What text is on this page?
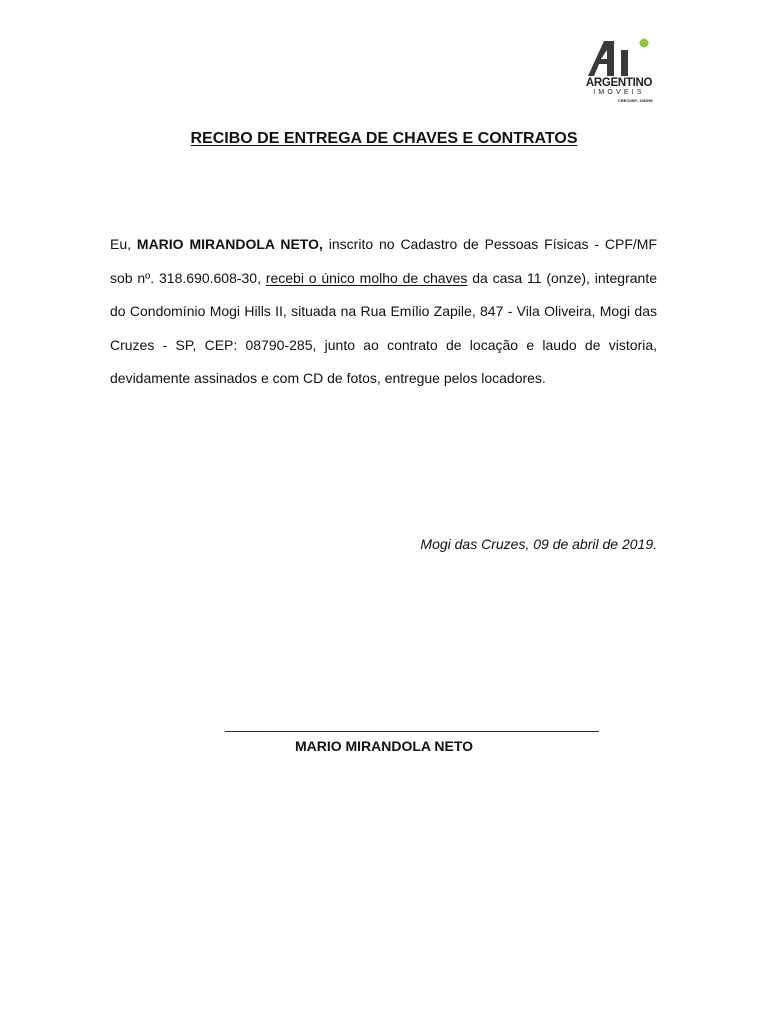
ARGENTINO
IMÓVEIS
CRECI/SP: 156096
RECIBO DE ENTREGA DE CHAVES E CONTRATOS
Eu, MARIO MIRANDOLA NETO, inscrito no Cadastro de Pessoas Físicas - CPF/MF sob nº. 318.690.608-30, recebi o único molho de chaves da casa 11 (onze), integrante do Condomínio Mogi Hills II, situada na Rua Emílio Zapile, 847 - Vila Oliveira, Mogi das Cruzes - SP, CEP: 08790-285, junto ao contrato de locação e laudo de vistoria, devidamente assinados e com CD de fotos, entregue pelos locadores.
Mogi das Cruzes, 09 de abril de 2019.
________________________________________________
MARIO MIRANDOLA NETO
